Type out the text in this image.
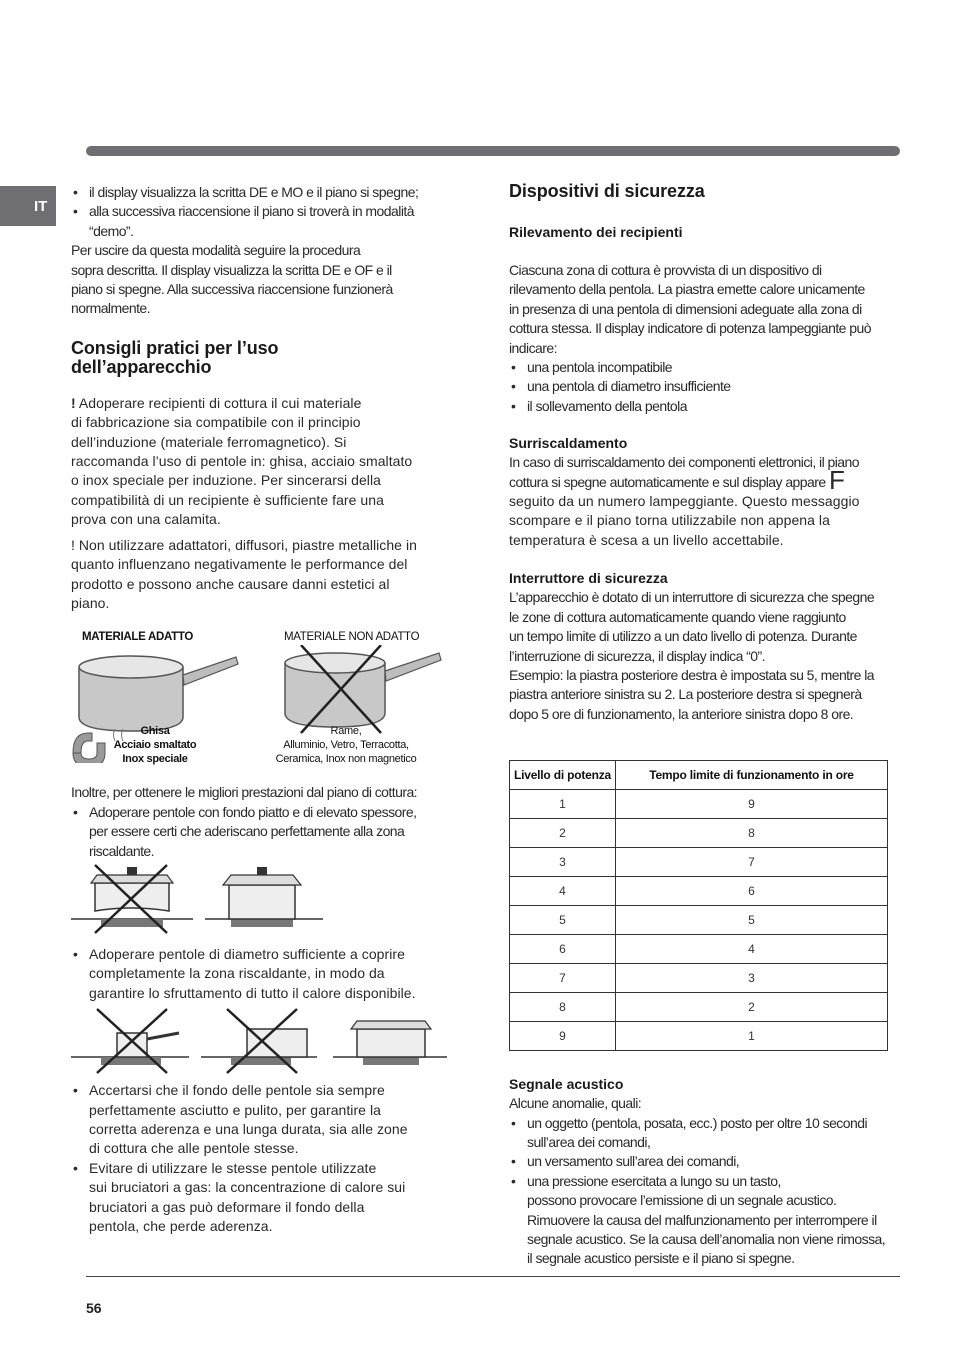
IT
• il display visualizza la scritta DE e MO e il piano si spegne;
• alla successiva riaccensione il piano si troverà in modalità “demo”.

Per uscire da questa modalità seguire la procedura
sopra descritta. Il display visualizza la scritta DE e OF e il
piano si spegne. Alla successiva riaccensione funzionerà
normalmente.

Consigli pratici per l’uso
dell’apparecchio

! Adoperare recipienti di cottura il cui materiale
di fabbricazione sia compatibile con il principio
dell’induzione (materiale ferromagnetico). Si
raccomanda l’uso di pentole in: ghisa, acciaio smaltato
o inox speciale per induzione. Per sincerarsi della
compatibilità di un recipiente è sufficiente fare una
prova con una calamita.

! Non utilizzare adattatori, diffusori, piastre metalliche in
quanto influenzano negativamente le performance del
prodotto e possono anche causare danni estetici al
piano.

MATERIALE ADATTO
Ghisa
Acciaio smaltato
Inox speciale
MATERIALE NON ADATTO
Rame,
Alluminio, Vetro, Terracotta,
Ceramica, Inox non magnetico

Inoltre, per ottenere le migliori prestazioni dal piano di cottura:

• Adoperare pentole con fondo piatto e di elevato spessore,
per essere certi che aderiscano perfettamente alla zona
riscaldante.
• Adoperare pentole di diametro sufficiente a coprire
completamente la zona riscaldante, in modo da
garantire lo sfruttamento di tutto il calore disponibile.
• Accertarsi che il fondo delle pentole sia sempre
perfettamente asciutto e pulito, per garantire la
corretta aderenza e una lunga durata, sia alle zone
di cottura che alle pentole stesse.
• Evitare di utilizzare le stesse pentole utilizzate
sui bruciatori a gas: la concentrazione di calore sui
bruciatori a gas può deformare il fondo della
pentola, che perde aderenza.
Dispositivi di sicurezza
Rilevamento dei recipienti

Ciascuna zona di cottura è provvista di un dispositivo di
rilevamento della pentola. La piastra emette calore unicamente
in presenza di una pentola di dimensioni adeguate alla zona di
cottura stessa. Il display indicatore di potenza lampeggiante può
indicare:

• una pentola incompatibile
• una pentola di diametro insufficiente
• il sollevamento della pentola
Surriscaldamento

In caso di surriscaldamento dei componenti elettronici, il piano

cottura si spegne automaticamente e sul display appare F

seguito da un numero lampeggiante. Questo messaggio
scompare e il piano torna utilizzabile non appena la
temperatura è scesa a un livello accettabile.

Interruttore di sicurezza

L’apparecchio è dotato di un interruttore di sicurezza che spegne
le zone di cottura automaticamente quando viene raggiunto
un tempo limite di utilizzo a un dato livello di potenza. Durante
l’interruzione di sicurezza, il display indica “0”.
Esempio: la piastra posteriore destra è impostata su 5, mentre la
piastra anteriore sinistra su 2. La posteriore destra si spegnerà
dopo 5 ore di funzionamento, la anteriore sinistra dopo 8 ore.

Livello di potenza	Tempo limite di funzionamento in ore
1	9
2	8
3	7
4	6
5	5
6	4
7	3
8	2
9	1
Segnale acustico

Alcune anomalie, quali:

• un oggetto (pentola, posata, ecc.) posto per oltre 10 secondi
sull’area dei comandi,
• un versamento sull’area dei comandi,
• una pressione esercitata a lungo su un tasto,
possono provocare l’emissione di un segnale acustico.
Rimuovere la causa del malfunzionamento per interrompere il
segnale acustico. Se la causa dell’anomalia non viene rimossa,
il segnale acustico persiste e il piano si spegne.
56
